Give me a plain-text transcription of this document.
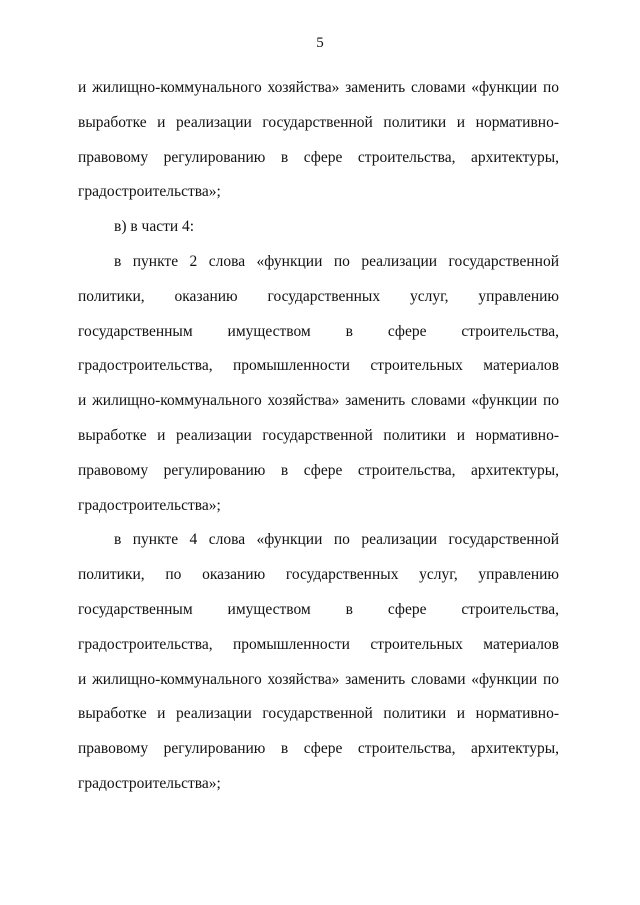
5
и жилищно-коммунального хозяйства» заменить словами «функции по
выработке и реализации государственной политики и нормативно-
правовому регулированию в сфере строительства, архитектуры,
градостроительства»;
в) в части 4:
в пункте 2 слова «функции по реализации государственной
политики, оказанию государственных услуг, управлению
государственным имуществом в сфере строительства,
градостроительства, промышленности строительных материалов
и жилищно-коммунального хозяйства» заменить словами «функции по
выработке и реализации государственной политики и нормативно-
правовому регулированию в сфере строительства, архитектуры,
градостроительства»;
в пункте 4 слова «функции по реализации государственной
политики, по оказанию государственных услуг, управлению
государственным имуществом в сфере строительства,
градостроительства, промышленности строительных материалов
и жилищно-коммунального хозяйства» заменить словами «функции по
выработке и реализации государственной политики и нормативно-
правовому регулированию в сфере строительства, архитектуры,
градостроительства»;
